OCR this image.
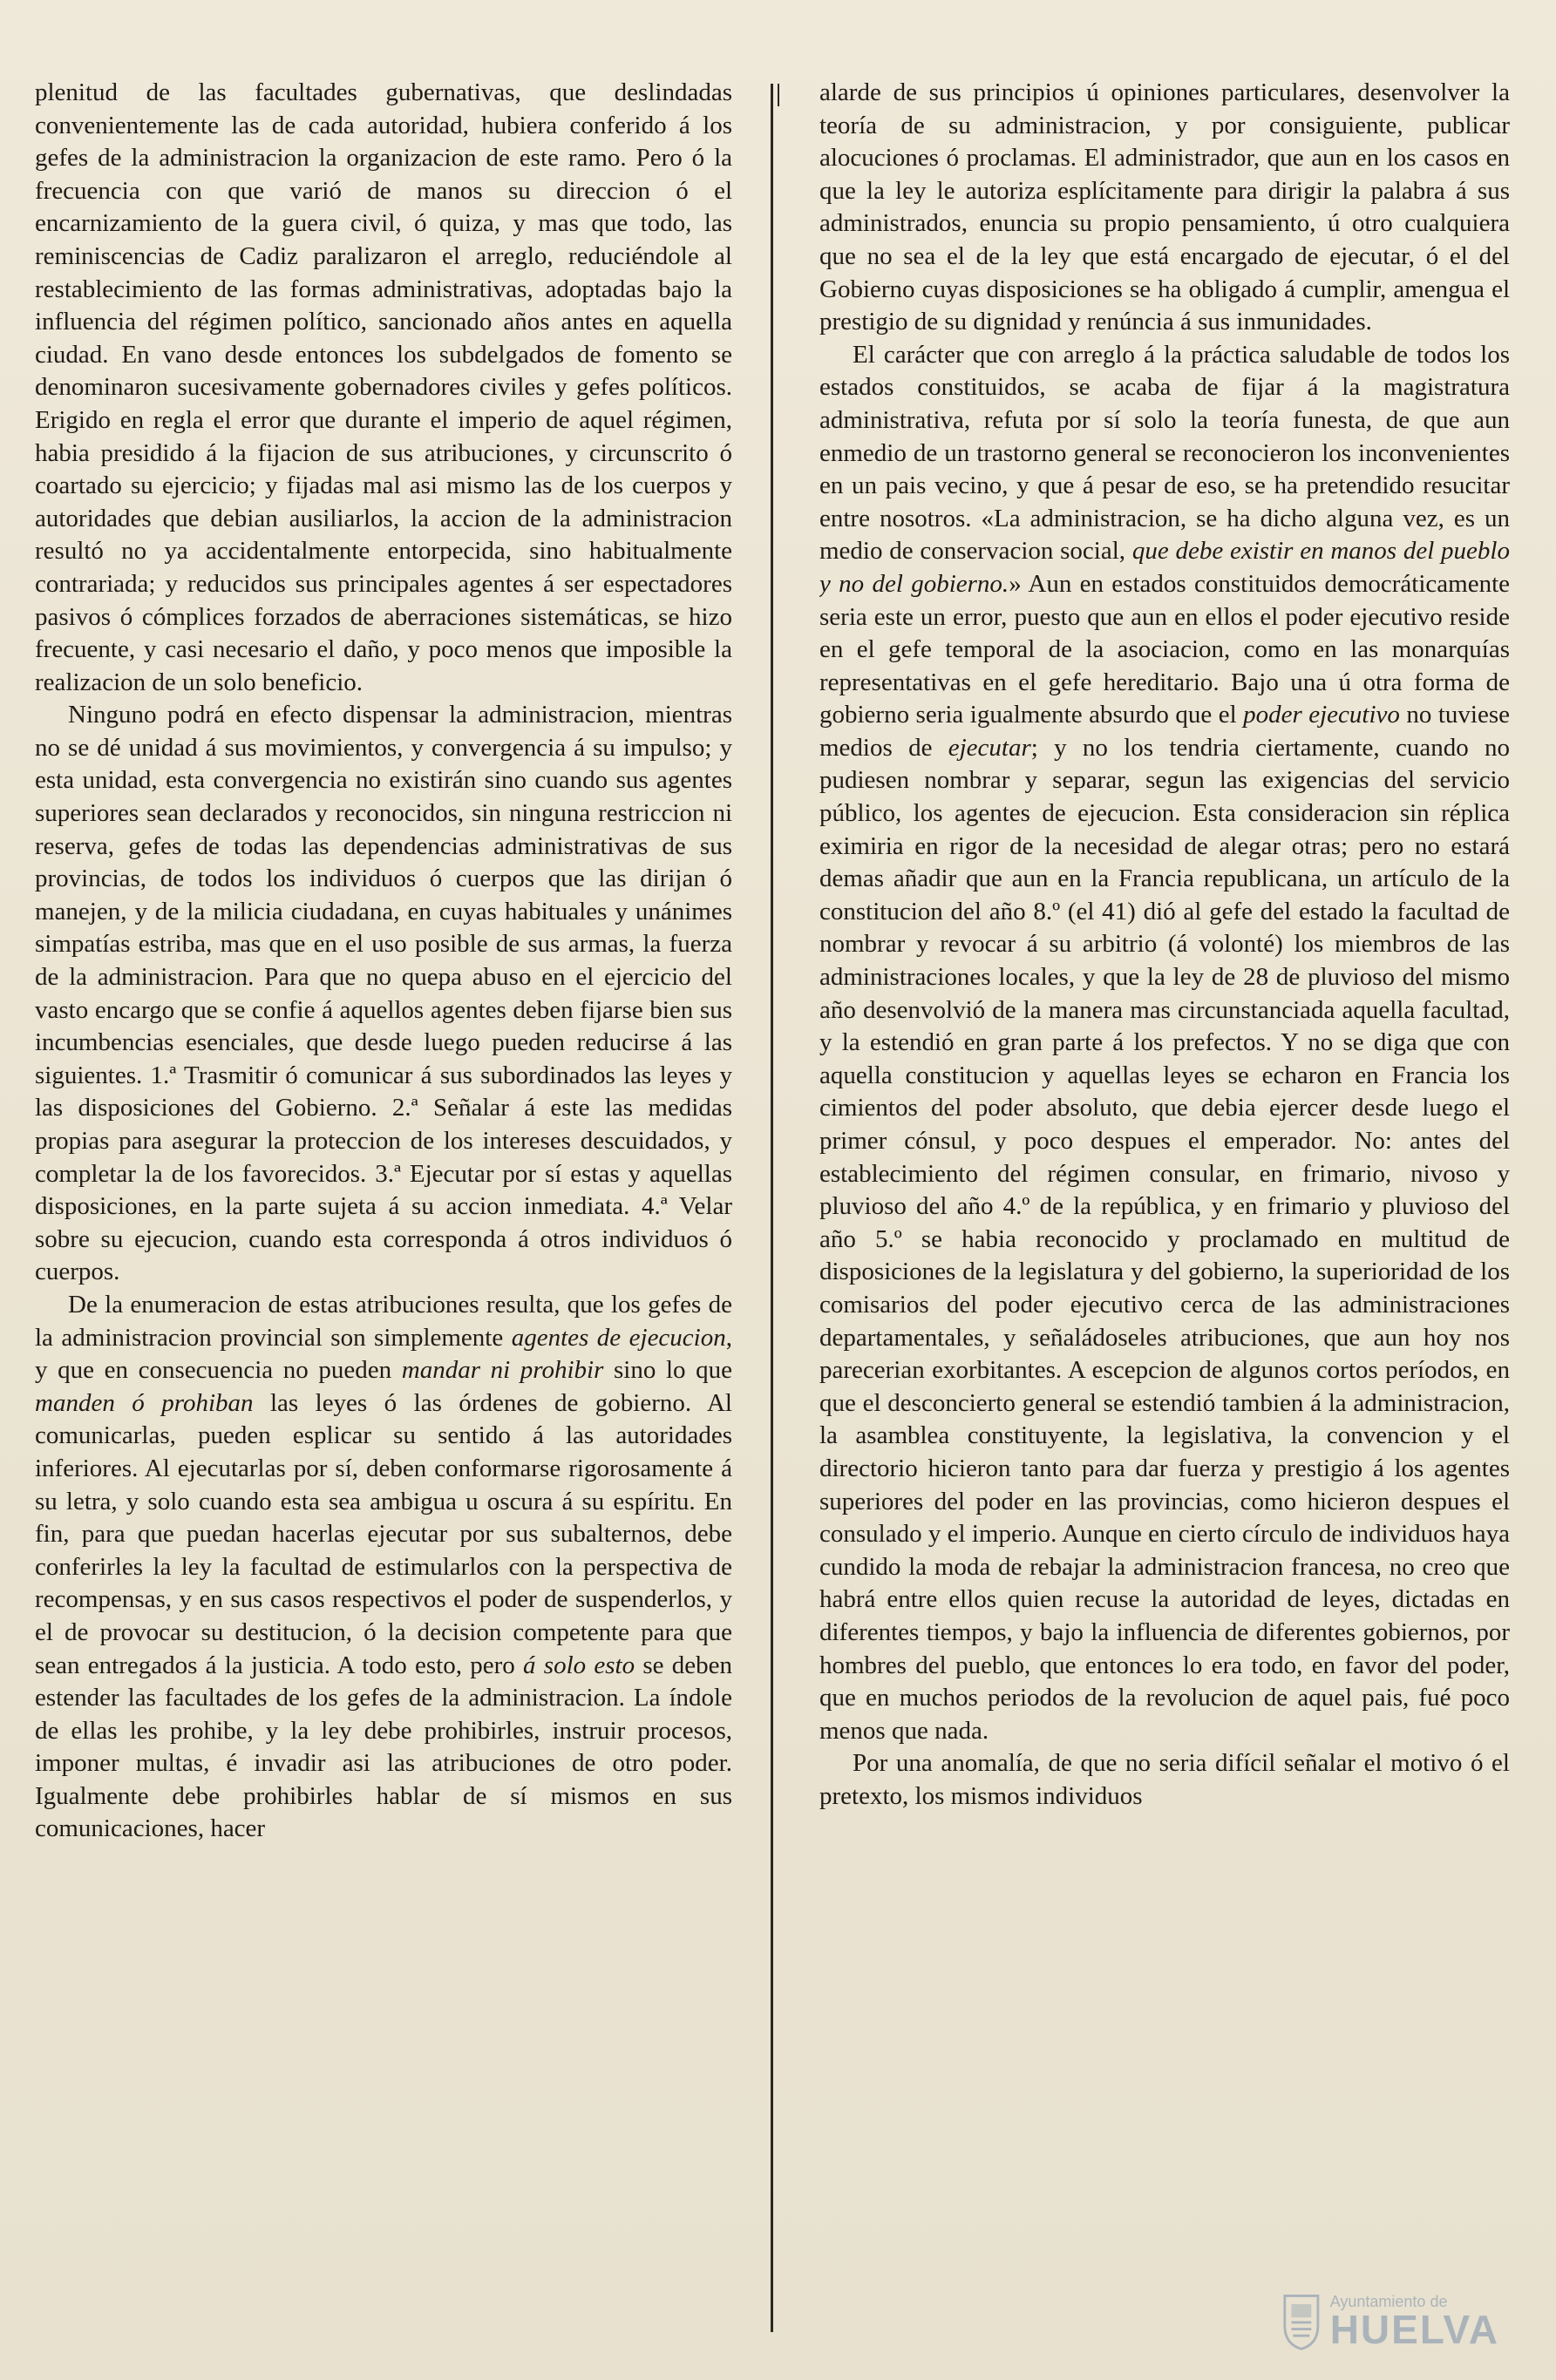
plenitud de las facultades gubernativas, que deslindadas convenientemente las de cada autoridad, hubiera conferido á los gefes de la administracion la organizacion de este ramo. Pero ó la frecuencia con que varió de manos su direccion ó el encarnizamiento de la guera civil, ó quiza, y mas que todo, las reminiscencias de Cadiz paralizaron el arreglo, reduciéndole al restablecimiento de las formas administrativas, adoptadas bajo la influencia del régimen político, sancionado años antes en aquella ciudad. En vano desde entonces los subdelgados de fomento se denominaron sucesivamente gobernadores civiles y gefes políticos. Erigido en regla el error que durante el imperio de aquel régimen, habia presidido á la fijacion de sus atribuciones, y circunscrito ó coartado su ejercicio; y fijadas mal asi mismo las de los cuerpos y autoridades que debian ausiliarlos, la accion de la administracion resultó no ya accidentalmente entorpecida, sino habitualmente contrariada; y reducidos sus principales agentes á ser espectadores pasivos ó cómplices forzados de aberraciones sistemáticas, se hizo frecuente, y casi necesario el daño, y poco menos que imposible la realizacion de un solo beneficio.

Ninguno podrá en efecto dispensar la administracion, mientras no se dé unidad á sus movimientos, y convergencia á su impulso; y esta unidad, esta convergencia no existirán sino cuando sus agentes superiores sean declarados y reconocidos, sin ninguna restriccion ni reserva, gefes de todas las dependencias administrativas de sus provincias, de todos los individuos ó cuerpos que las dirijan ó manejen, y de la milicia ciudadana, en cuyas habituales y unánimes simpatías estriba, mas que en el uso posible de sus armas, la fuerza de la administracion. Para que no quepa abuso en el ejercicio del vasto encargo que se confie á aquellos agentes deben fijarse bien sus incumbencias esenciales, que desde luego pueden reducirse á las siguientes. 1.ª Trasmitir ó comunicar á sus subordinados las leyes y las disposiciones del Gobierno. 2.ª Señalar á este las medidas propias para asegurar la proteccion de los intereses descuidados, y completar la de los favorecidos. 3.ª Ejecutar por sí estas y aquellas disposiciones, en la parte sujeta á su accion inmediata. 4.ª Velar sobre su ejecucion, cuando esta corresponda á otros individuos ó cuerpos.

De la enumeracion de estas atribuciones resulta, que los gefes de la administracion provincial son simplemente agentes de ejecucion, y que en consecuencia no pueden mandar ni prohibir sino lo que manden ó prohiban las leyes ó las órdenes de gobierno. Al comunicarlas, pueden esplicar su sentido á las autoridades inferiores. Al ejecutarlas por sí, deben conformarse rigorosamente á su letra, y solo cuando esta sea ambigua u oscura á su espíritu. En fin, para que puedan hacerlas ejecutar por sus subalternos, debe conferirles la ley la facultad de estimularlos con la perspectiva de recompensas, y en sus casos respectivos el poder de suspenderlos, y el de provocar su destitucion, ó la decision competente para que sean entregados á la justicia. A todo esto, pero á solo esto se deben estender las facultades de los gefes de la administracion. La índole de ellas les prohibe, y la ley debe prohibirles, instruir procesos, imponer multas, é invadir asi las atribuciones de otro poder. Igualmente debe prohibirles hablar de sí mismos en sus comunicaciones, hacer

alarde de sus principios ú opiniones particulares, desenvolver la teoría de su administracion, y por consiguiente, publicar alocuciones ó proclamas. El administrador, que aun en los casos en que la ley le autoriza esplícitamente para dirigir la palabra á sus administrados, enuncia su propio pensamiento, ú otro cualquiera que no sea el de la ley que está encargado de ejecutar, ó el del Gobierno cuyas disposiciones se ha obligado á cumplir, amengua el prestigio de su dignidad y renúncia á sus inmunidades.

El carácter que con arreglo á la práctica saludable de todos los estados constituidos, se acaba de fijar á la magistratura administrativa, refuta por sí solo la teoría funesta, de que aun enmedio de un trastorno general se reconocieron los inconvenientes en un pais vecino, y que á pesar de eso, se ha pretendido resucitar entre nosotros. «La administracion, se ha dicho alguna vez, es un medio de conservacion social, que debe existir en manos del pueblo y no del gobierno.» Aun en estados constituidos democráticamente seria este un error, puesto que aun en ellos el poder ejecutivo reside en el gefe temporal de la asociacion, como en las monarquías representativas en el gefe hereditario. Bajo una ú otra forma de gobierno seria igualmente absurdo que el poder ejecutivo no tuviese medios de ejecutar; y no los tendria ciertamente, cuando no pudiesen nombrar y separar, segun las exigencias del servicio público, los agentes de ejecucion. Esta consideracion sin réplica eximiria en rigor de la necesidad de alegar otras; pero no estará demas añadir que aun en la Francia republicana, un artículo de la constitucion del año 8.º (el 41) dió al gefe del estado la facultad de nombrar y revocar á su arbitrio (á volonté) los miembros de las administraciones locales, y que la ley de 28 de pluvioso del mismo año desenvolvió de la manera mas circunstanciada aquella facultad, y la estendió en gran parte á los prefectos. Y no se diga que con aquella constitucion y aquellas leyes se echaron en Francia los cimientos del poder absoluto, que debia ejercer desde luego el primer cónsul, y poco despues el emperador. No: antes del establecimiento del régimen consular, en frimario, nivoso y pluvioso del año 4.º de la república, y en frimario y pluvioso del año 5.º se habia reconocido y proclamado en multitud de disposiciones de la legislatura y del gobierno, la superioridad de los comisarios del poder ejecutivo cerca de las administraciones departamentales, y señaládoseles atribuciones, que aun hoy nos parecerian exorbitantes. A escepcion de algunos cortos períodos, en que el desconcierto general se estendió tambien á la administracion, la asamblea constituyente, la legislativa, la convencion y el directorio hicieron tanto para dar fuerza y prestigio á los agentes superiores del poder en las provincias, como hicieron despues el consulado y el imperio. Aunque en cierto círculo de individuos haya cundido la moda de rebajar la administracion francesa, no creo que habrá entre ellos quien recuse la autoridad de leyes, dictadas en diferentes tiempos, y bajo la influencia de diferentes gobiernos, por hombres del pueblo, que entonces lo era todo, en favor del poder, que en muchos periodos de la revolucion de aquel pais, fué poco menos que nada.

Por una anomalía, de que no seria difícil señalar el motivo ó el pretexto, los mismos individuos

Ayuntamiento de
HUELVA
